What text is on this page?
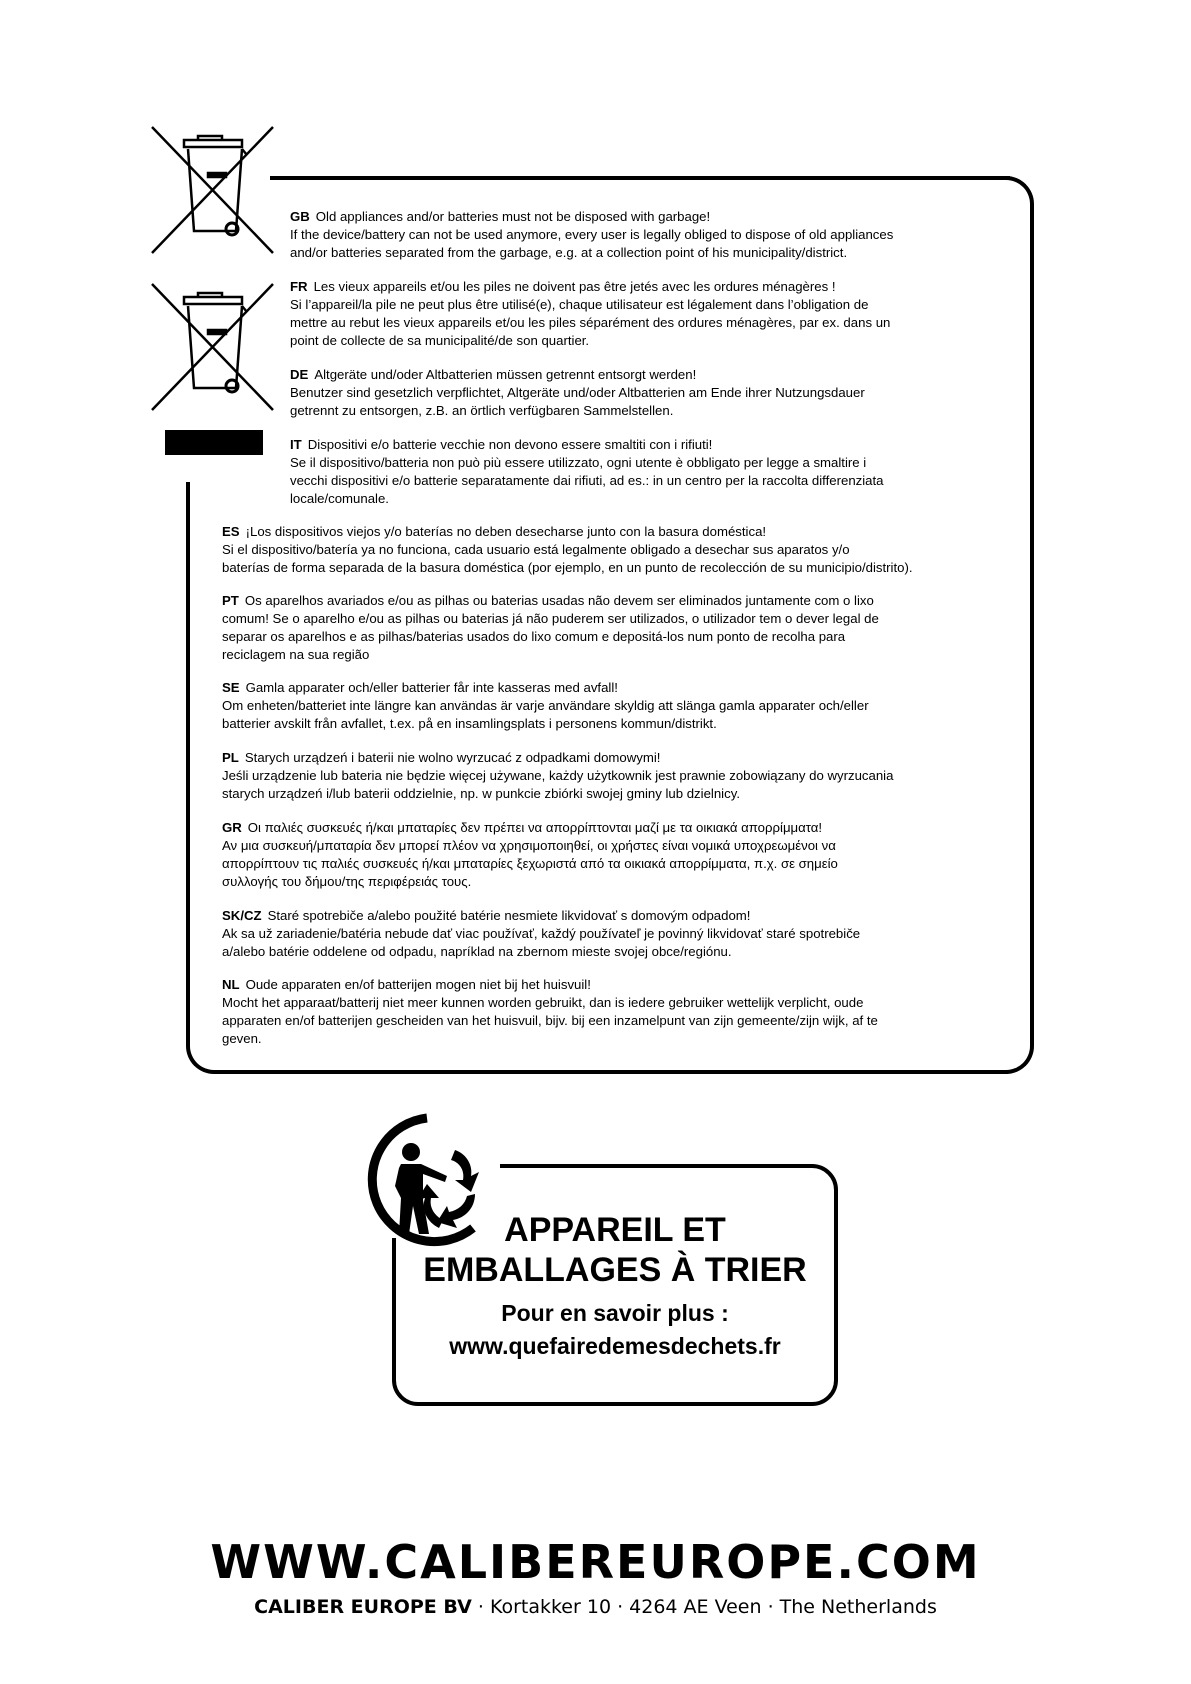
GB Old appliances and/or batteries must not be disposed with garbage!

If the device/battery can not be used anymore, every user is legally obliged to dispose of old appliances

and/or batteries separated from the garbage, e.g. at a collection point of his municipality/district.

FR Les vieux appareils et/ou les piles ne doivent pas être jetés avec les ordures ménagères !

Si l’appareil/la pile ne peut plus être utilisé(e), chaque utilisateur est légalement dans l’obligation de

mettre au rebut les vieux appareils et/ou les piles séparément des ordures ménagères, par ex. dans un

point de collecte de sa municipalité/de son quartier.

DE Altgeräte und/oder Altbatterien müssen getrennt entsorgt werden!

Benutzer sind gesetzlich verpflichtet, Altgeräte und/oder Altbatterien am Ende ihrer Nutzungsdauer

getrennt zu entsorgen, z.B. an örtlich verfügbaren Sammelstellen.

IT Dispositivi e/o batterie vecchie non devono essere smaltiti con i rifiuti!

Se il dispositivo/batteria non può più essere utilizzato, ogni utente è obbligato per legge a smaltire i

vecchi dispositivi e/o batterie separatamente dai rifiuti, ad es.: in un centro per la raccolta differenziata

locale/comunale.

ES ¡Los dispositivos viejos y/o baterías no deben desecharse junto con la basura doméstica!

Si el dispositivo/batería ya no funciona, cada usuario está legalmente obligado a desechar sus aparatos y/o

baterías de forma separada de la basura doméstica (por ejemplo, en un punto de recolección de su municipio/distrito).

PT Os aparelhos avariados e/ou as pilhas ou baterias usadas não devem ser eliminados juntamente com o lixo

comum! Se o aparelho e/ou as pilhas ou baterias já não puderem ser utilizados, o utilizador tem o dever legal de

separar os aparelhos e as pilhas/baterias usados do lixo comum e depositá-los num ponto de recolha para

reciclagem na sua região

SE Gamla apparater och/eller batterier får inte kasseras med avfall!

Om enheten/batteriet inte längre kan användas är varje användare skyldig att slänga gamla apparater och/eller

batterier avskilt från avfallet, t.ex. på en insamlingsplats i personens kommun/distrikt.

PL Starych urządzeń i baterii nie wolno wyrzucać z odpadkami domowymi!

Jeśli urządzenie lub bateria nie będzie więcej używane, każdy użytkownik jest prawnie zobowiązany do wyrzucania

starych urządzeń i/lub baterii oddzielnie, np. w punkcie zbiórki swojej gminy lub dzielnicy.

GR Οι παλιές συσκευές ή/και μπαταρίες δεν πρέπει να απορρίπτονται μαζί με τα οικιακά απορρίμματα!

Αν μια συσκευή/μπαταρία δεν μπορεί πλέον να χρησιμοποιηθεί, οι χρήστες είναι νομικά υποχρεωμένοι να

απορρίπτουν τις παλιές συσκευές ή/και μπαταρίες ξεχωριστά από τα οικιακά απορρίμματα, π.χ. σε σημείο

συλλογής του δήμου/της περιφέρειάς τους.

SK/CZ Staré spotrebiče a/alebo použité batérie nesmiete likvidovať s domovým odpadom!

Ak sa už zariadenie/batéria nebude dať viac používať, každý používateľ je povinný likvidovať staré spotrebiče

a/alebo batérie oddelene od odpadu, napríklad na zbernom mieste svojej obce/regiónu.

NL Oude apparaten en/of batterijen mogen niet bij het huisvuil!

Mocht het apparaat/batterij niet meer kunnen worden gebruikt, dan is iedere gebruiker wettelijk verplicht, oude

apparaten en/of batterijen gescheiden van het huisvuil, bijv. bij een inzamelpunt van zijn gemeente/zijn wijk, af te

geven.

APPAREIL ET
EMBALLAGES À TRIER
Pour en savoir plus :
www.quefairedemesdechets.fr
WWW.CALIBEREUROPE.COM
CALIBER EUROPE BV · Kortakker 10 · 4264 AE Veen · The Netherlands
